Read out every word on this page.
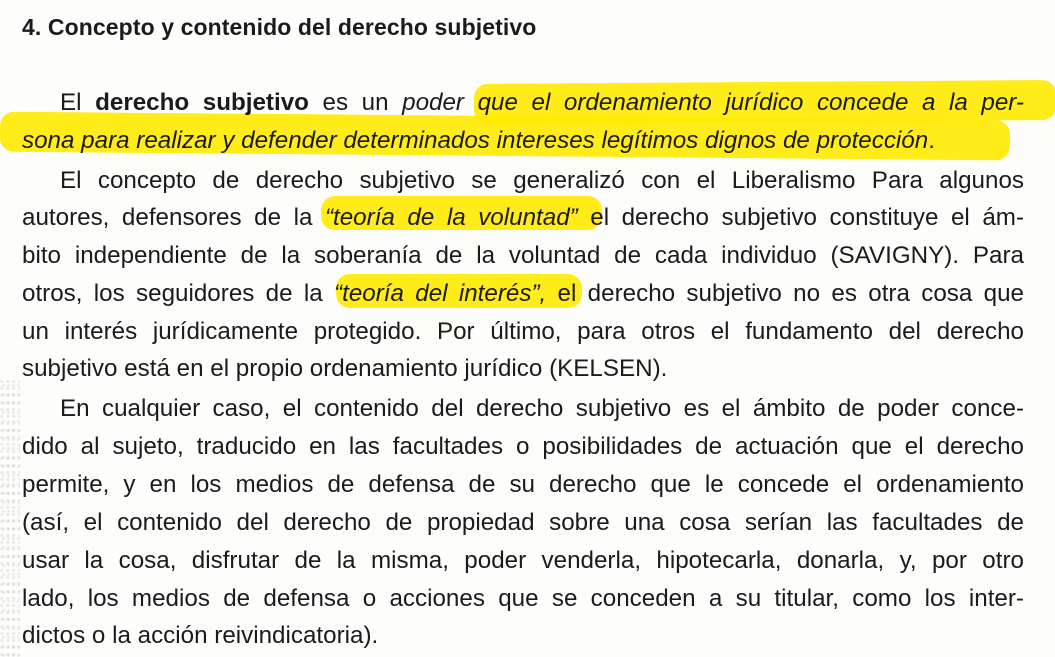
4. Concepto y contenido del derecho subjetivo
El derecho subjetivo es un poder que el ordenamiento jurídico concede a la per-
sona para realizar y defender determinados intereses legítimos dignos de protección.
El concepto de derecho subjetivo se generalizó con el Liberalismo Para algunos
autores, defensores de la “teoría de la voluntad” el derecho subjetivo constituye el ám-
bito independiente de la soberanía de la voluntad de cada individuo (SAVIGNY). Para
otros, los seguidores de la “teoría del interés”, el derecho subjetivo no es otra cosa que
un interés jurídicamente protegido. Por último, para otros el fundamento del derecho
subjetivo está en el propio ordenamiento jurídico (KELSEN).
En cualquier caso, el contenido del derecho subjetivo es el ámbito de poder conce-
dido al sujeto, traducido en las facultades o posibilidades de actuación que el derecho
permite, y en los medios de defensa de su derecho que le concede el ordenamiento
(así, el contenido del derecho de propiedad sobre una cosa serían las facultades de
usar la cosa, disfrutar de la misma, poder venderla, hipotecarla, donarla, y, por otro
lado, los medios de defensa o acciones que se conceden a su titular, como los inter-
dictos o la acción reivindicatoria).
